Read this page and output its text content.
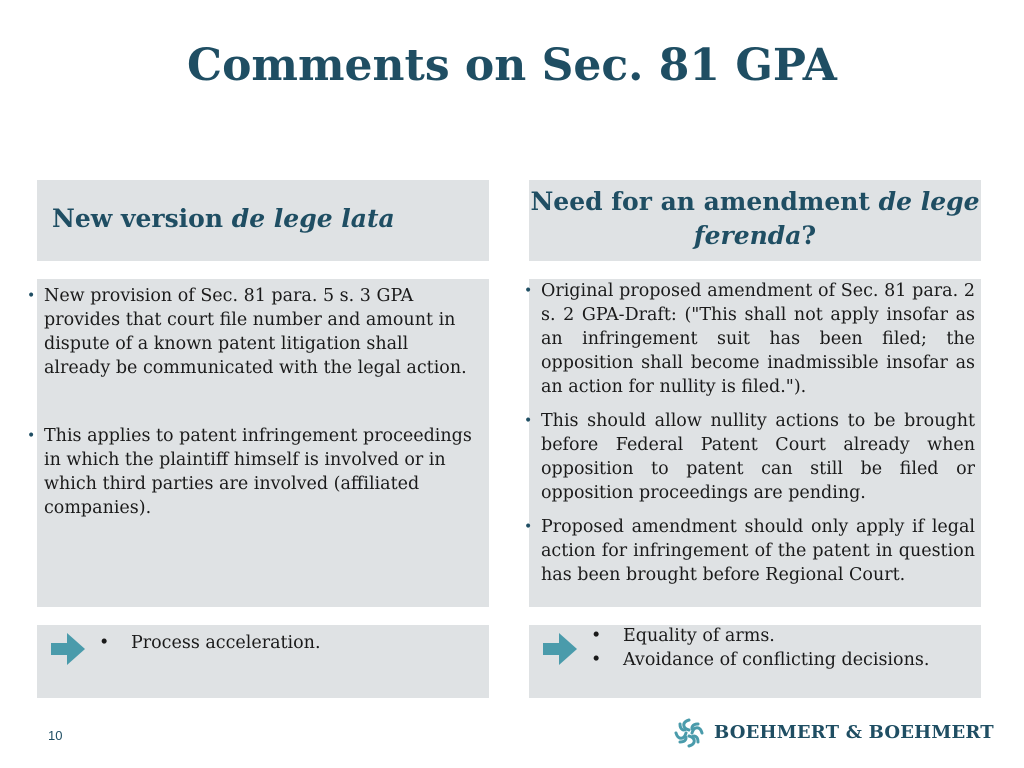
Comments on Sec. 81 GPA
New version de lege lata
Need for an amendment de lege ferenda?
• New provision of Sec. 81 para. 5 s. 3 GPA provides that court file number and amount in dispute of a known patent litigation shall already be communicated with the legal action.
• This applies to patent infringement proceedings in which the plaintiff himself is involved or in which third parties are involved (affiliated companies).
• Original proposed amendment of Sec. 81 para. 2 s. 2 GPA-Draft: ("This shall not apply insofar as an infringement suit has been filed; the opposition shall become inadmissible insofar as an action for nullity is filed.").
• This should allow nullity actions to be brought before Federal Patent Court already when opposition to patent can still be filed or opposition proceedings are pending.
• Proposed amendment should only apply if legal action for infringement of the patent in question has been brought before Regional Court.
• Process acceleration.	• Equality of arms.
• Avoidance of conflicting decisions.
10	BOEHMERT & BOEHMERT
